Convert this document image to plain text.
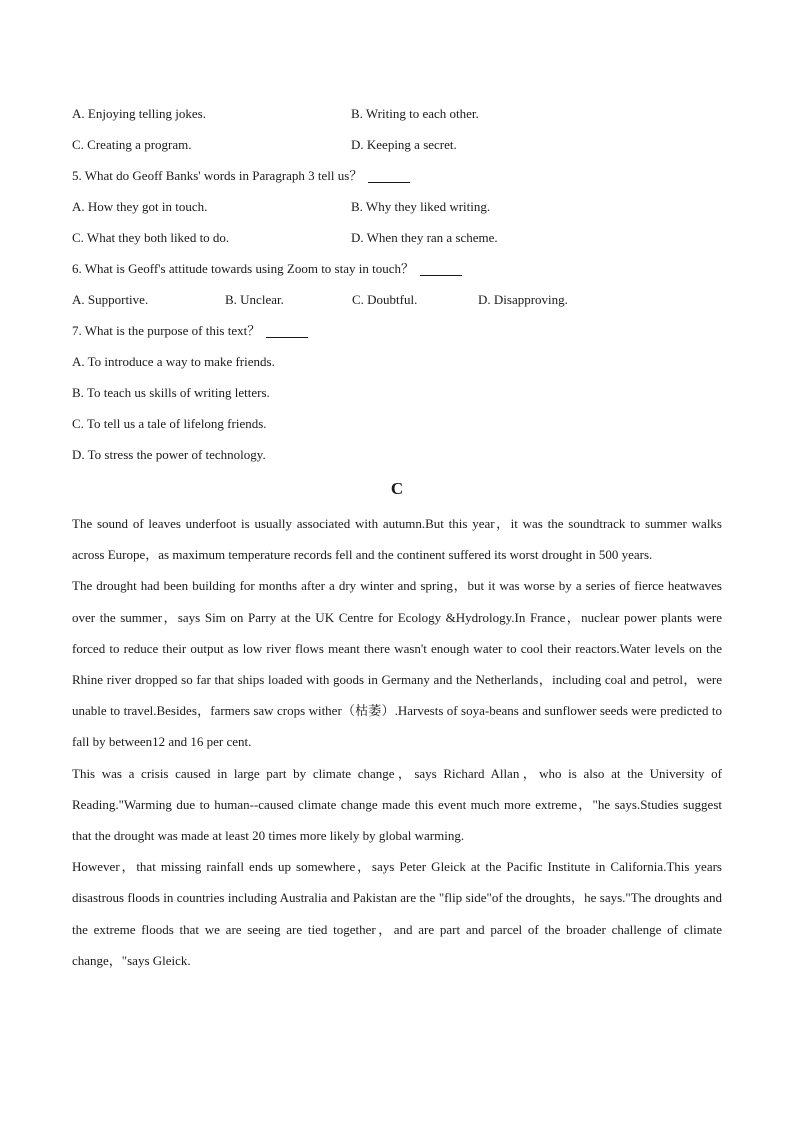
A. Enjoying telling jokes.	B. Writing to each other.
C. Creating a program.	D. Keeping a secret.
5. What do Geoff Banks' words in Paragraph 3 tell us？
A. How they got in touch.	B. Why they liked writing.
C. What they both liked to do.	D. When they ran a scheme.
6. What is Geoff's attitude towards using Zoom to stay in touch？
A. Supportive.	B. Unclear.	C. Doubtful.	D. Disapproving.
7. What is the purpose of this text？
A. To introduce a way to make friends.
B. To teach us skills of writing letters.
C. To tell us a tale of lifelong friends.
D. To stress the power of technology.
C

The sound of leaves underfoot is usually associated with autumn.But this year，it was the soundtrack to summer walks across Europe，as maximum temperature records fell and the continent suffered its worst drought in 500 years.

The drought had been building for months after a dry winter and spring，but it was worse by a series of fierce heatwaves over the summer，says Sim on Parry at the UK Centre for Ecology &Hydrology.In France，nuclear power plants were forced to reduce their output as low river flows meant there wasn't enough water to cool their reactors.Water levels on the Rhine river dropped so far that ships loaded with goods in Germany and the Netherlands，including coal and petrol，were unable to travel.Besides，farmers saw crops wither（枯萎）.Harvests of soya-beans and sunflower seeds were predicted to fall by between12 and 16 per cent.

This was a crisis caused in large part by climate change，says Richard Allan，who is also at the University of Reading."Warming due to human--caused climate change made this event much more extreme，"he says.Studies suggest that the drought was made at least 20 times more likely by global warming.

However，that missing rainfall ends up somewhere，says Peter Gleick at the Pacific Institute in California.This years disastrous floods in countries including Australia and Pakistan are the "flip side"of the droughts，he says."The droughts and the extreme floods that we are seeing are tied together，and are part and parcel of the broader challenge of climate change，"says Gleick.
